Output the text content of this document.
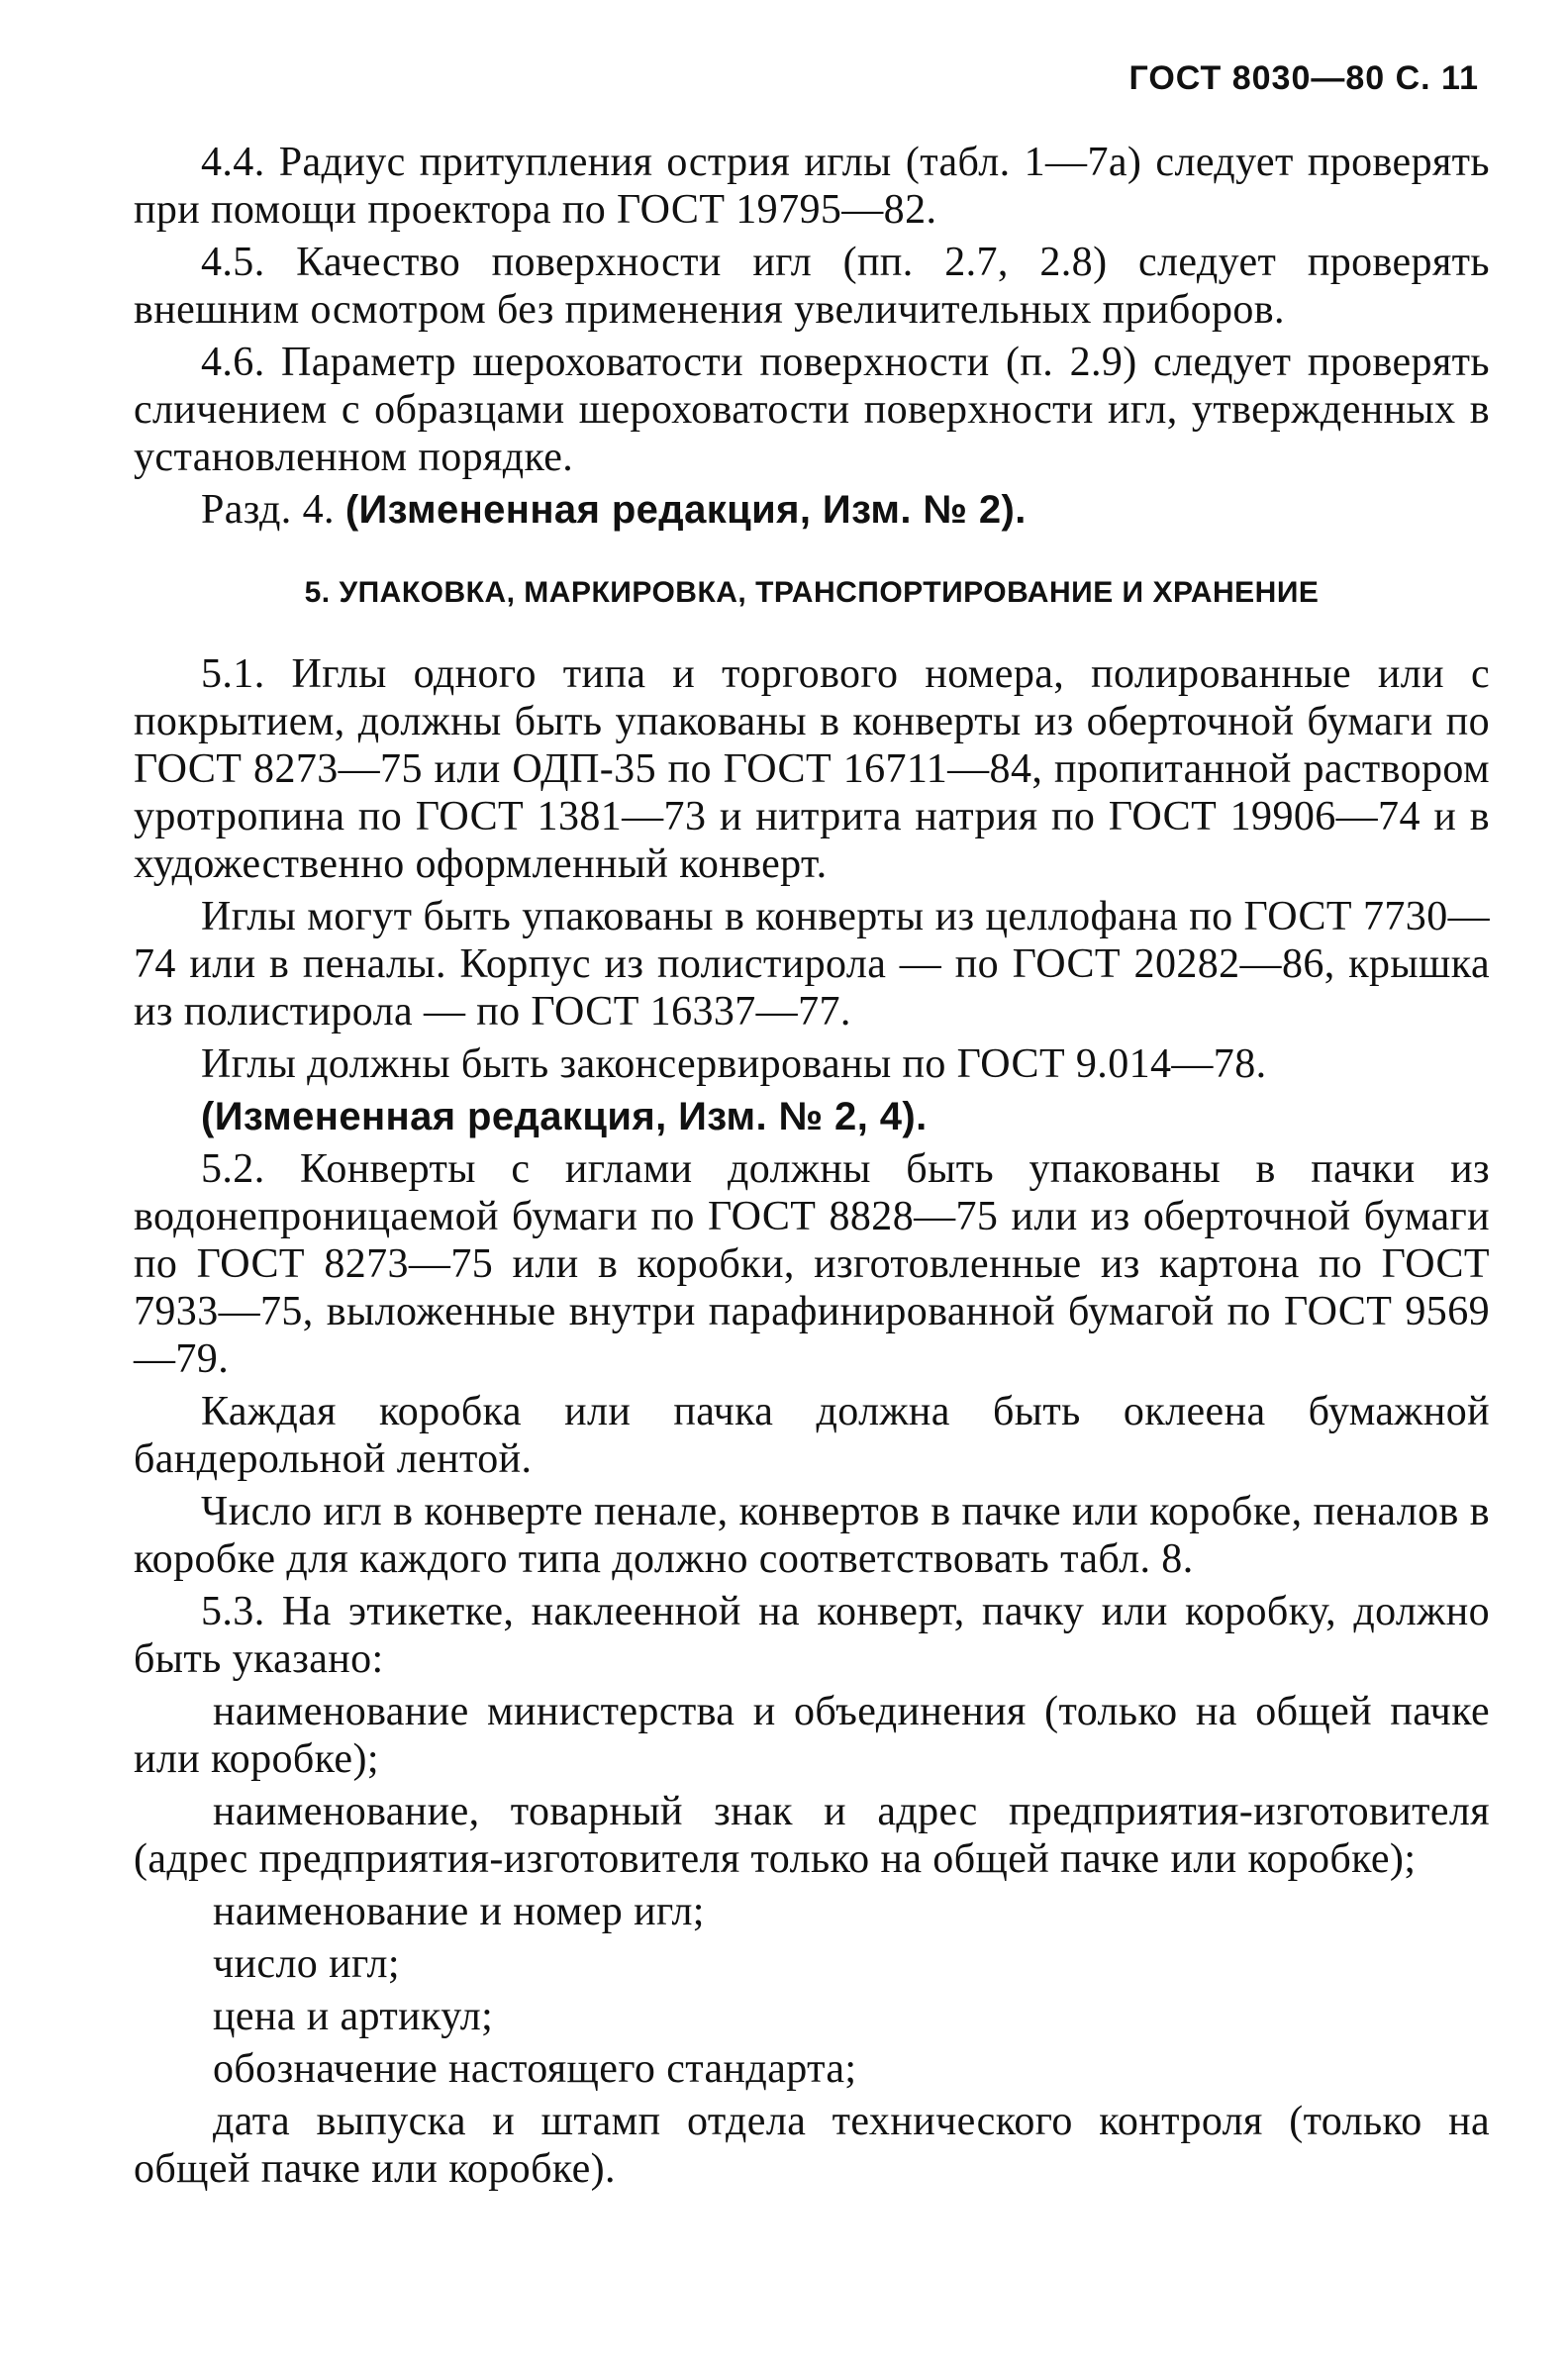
ГОСТ 8030—80 С. 11

4.4. Радиус притупления острия иглы (табл. 1—7а) следует проверять при помощи проектора по ГОСТ 19795—82.

4.5. Качество поверхности игл (пп. 2.7, 2.8) следует проверять внешним осмотром без применения увеличительных приборов.

4.6. Параметр шероховатости поверхности (п. 2.9) следует проверять сличением с образцами шероховатости поверхности игл, утвержденных в установленном порядке.

Разд. 4. (Измененная редакция, Изм. № 2).

5. УПАКОВКА, МАРКИРОВКА, ТРАНСПОРТИРОВАНИЕ И ХРАНЕНИЕ

5.1. Иглы одного типа и торгового номера, полированные или с покрытием, должны быть упакованы в конверты из оберточной бумаги по ГОСТ 8273—75 или ОДП-35 по ГОСТ 16711—84, пропитанной раствором уротропина по ГОСТ 1381—73 и нитрита натрия по ГОСТ 19906—74 и в художественно оформленный конверт.

Иглы могут быть упакованы в конверты из целлофана по ГОСТ 7730—74 или в пеналы. Корпус из полистирола — по ГОСТ 20282—86, крышка из полистирола — по ГОСТ 16337—77.

Иглы должны быть законсервированы по ГОСТ 9.014—78.

(Измененная редакция, Изм. № 2, 4).

5.2. Конверты с иглами должны быть упакованы в пачки из водонепроницаемой бумаги по ГОСТ 8828—75 или из оберточной бумаги по ГОСТ 8273—75 или в коробки, изготовленные из картона по ГОСТ 7933—75, выложенные внутри парафинированной бумагой по ГОСТ 9569—79.

Каждая коробка или пачка должна быть оклеена бумажной бандерольной лентой.

Число игл в конверте пенале, конвертов в пачке или коробке, пеналов в коробке для каждого типа должно соответствовать табл. 8.

5.3. На этикетке, наклеенной на конверт, пачку или коробку, должно быть указано:

наименование министерства и объединения (только на общей пачке или коробке);

наименование, товарный знак и адрес предприятия-изготовителя (адрес предприятия-изготовителя только на общей пачке или коробке);

наименование и номер игл;

число игл;

цена и артикул;

обозначение настоящего стандарта;

дата выпуска и штамп отдела технического контроля (только на общей пачке или коробке).
